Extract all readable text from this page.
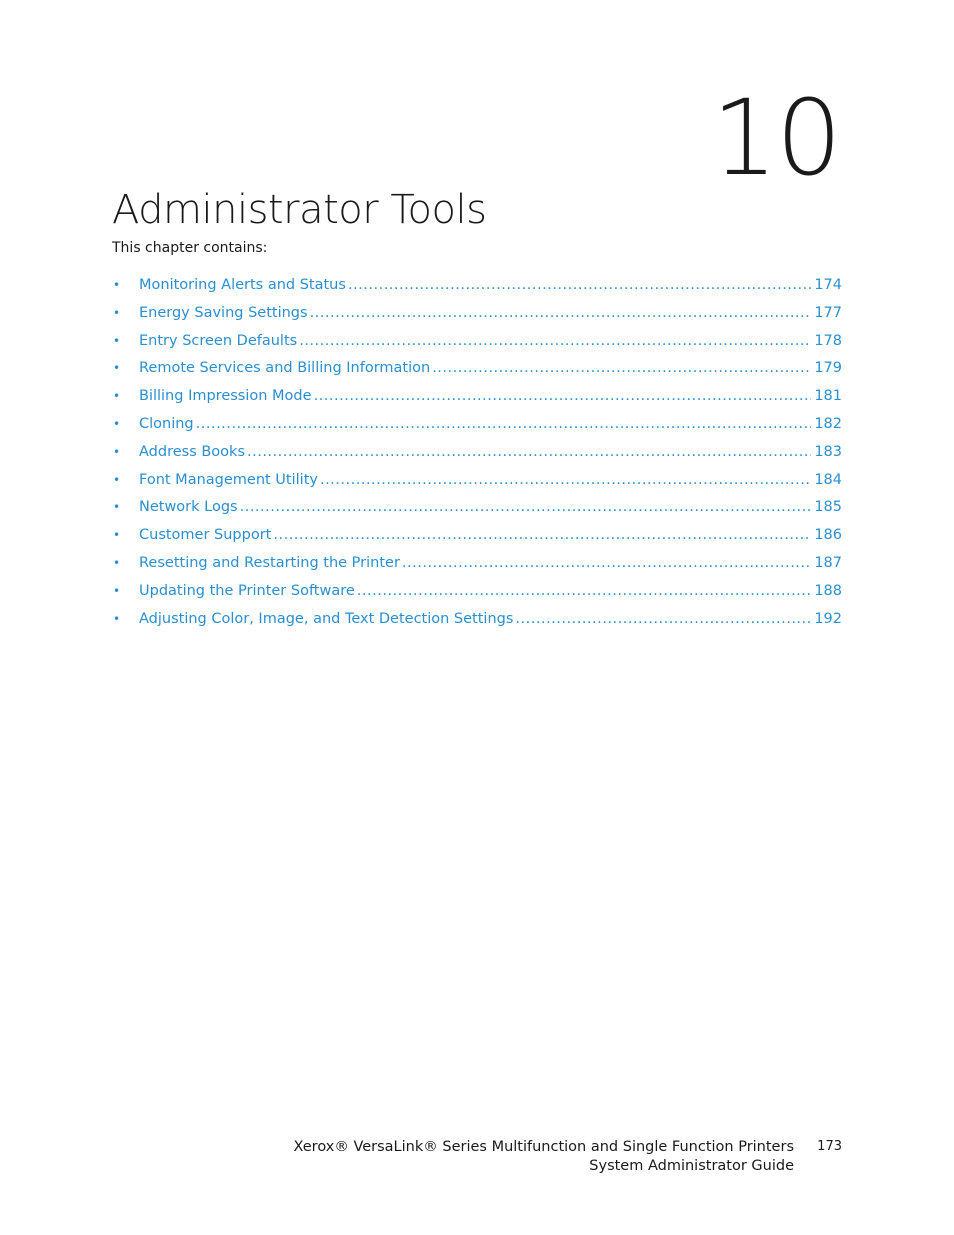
10
Administrator Tools

This chapter contains:

•	Monitoring Alerts and Status .....	174
•	Energy Saving Settings .....	177
•	Entry Screen Defaults .....	178
•	Remote Services and Billing Information .....	179
•	Billing Impression Mode .....	181
•	Cloning .....	182
•	Address Books .....	183
•	Font Management Utility .....	184
•	Network Logs .....	185
•	Customer Support .....	186
•	Resetting and Restarting the Printer .....	187
•	Updating the Printer Software .....	188
•	Adjusting Color, Image, and Text Detection Settings .....	192
Xerox® VersaLink® Series Multifunction and Single Function Printers
System Administrator Guide
173
